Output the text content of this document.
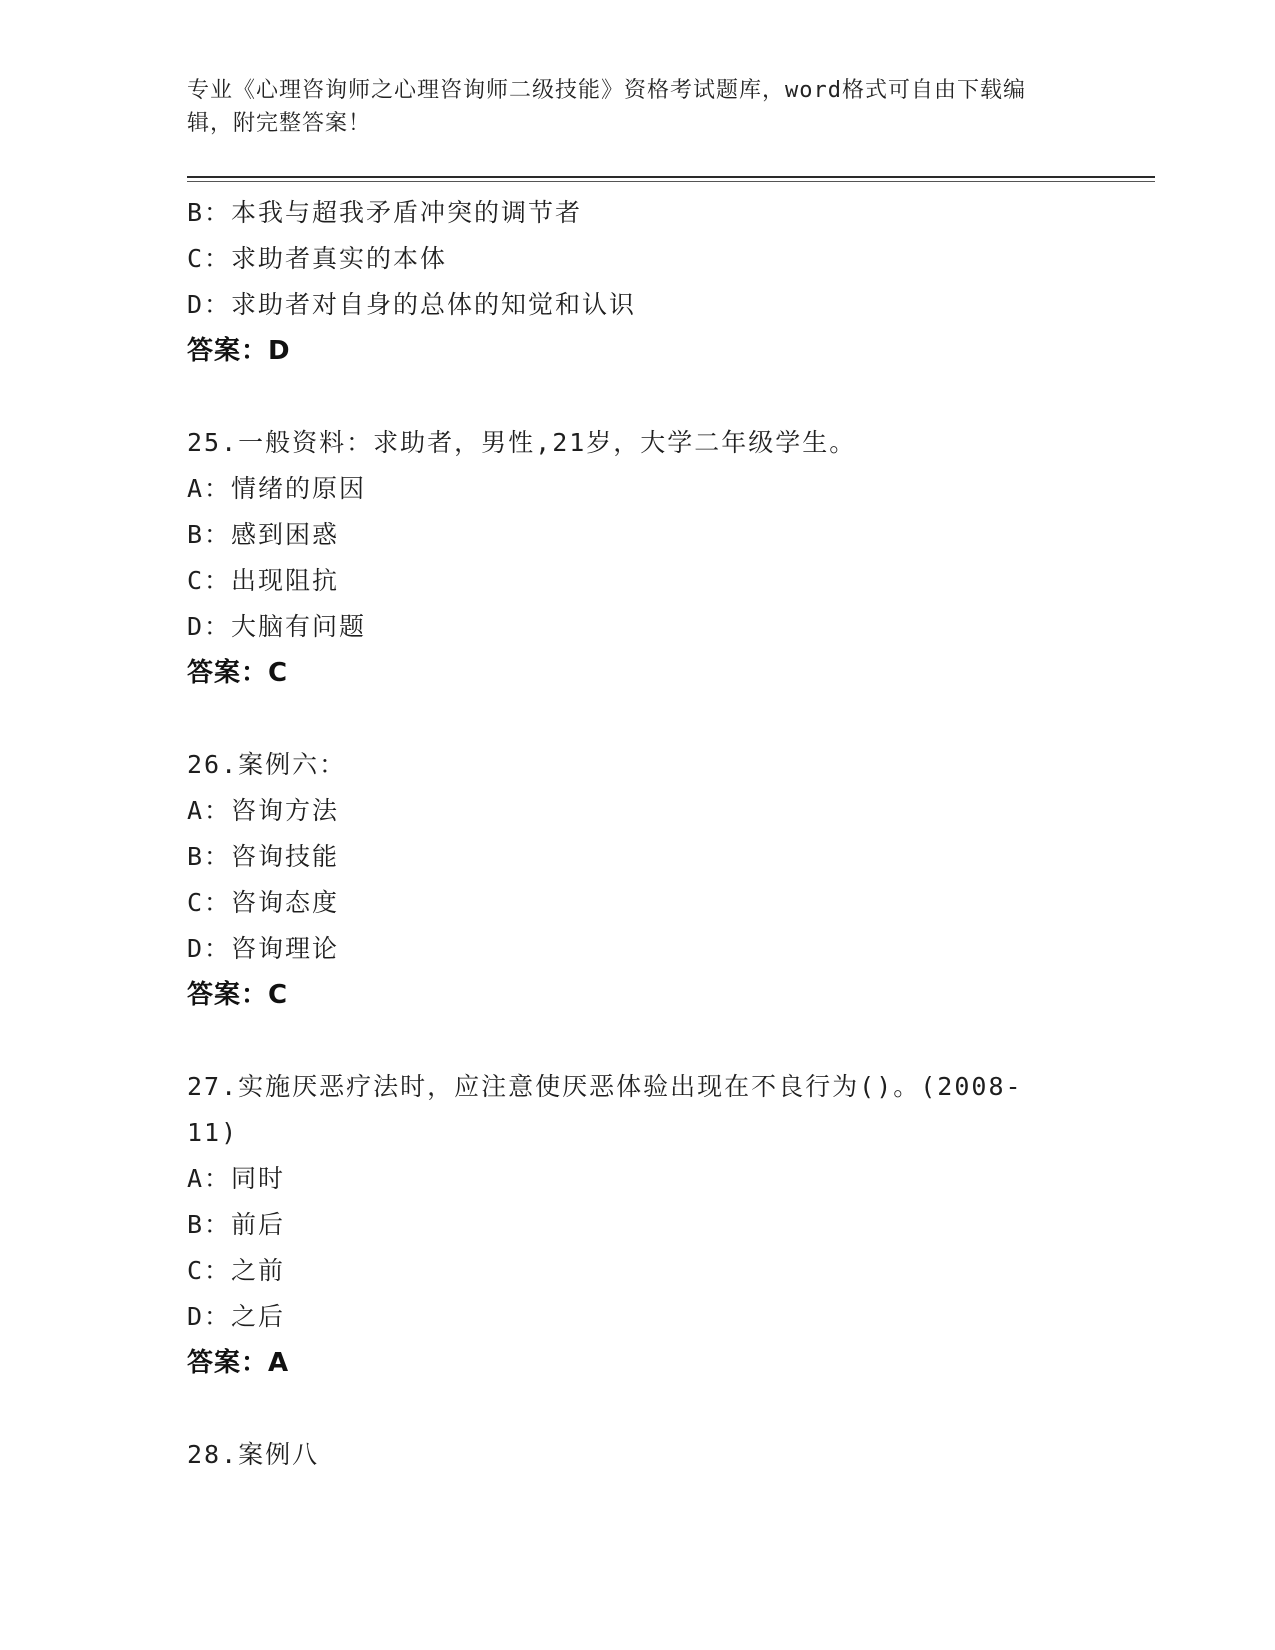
专业《心理咨询师之心理咨询师二级技能》资格考试题库，word格式可自由下载编辑，附完整答案！
B：本我与超我矛盾冲突的调节者
C：求助者真实的本体
D：求助者对自身的总体的知觉和认识
答案：D
25.一般资料：求助者，男性,21岁，大学二年级学生。
A：情绪的原因
B：感到困惑
C：出现阻抗
D：大脑有问题
答案：C
26.案例六：
A：咨询方法
B：咨询技能
C：咨询态度
D：咨询理论
答案：C
27.实施厌恶疗法时，应注意使厌恶体验出现在不良行为()。(2008-11)
A：同时
B：前后
C：之前
D：之后
答案：A
28.案例八
